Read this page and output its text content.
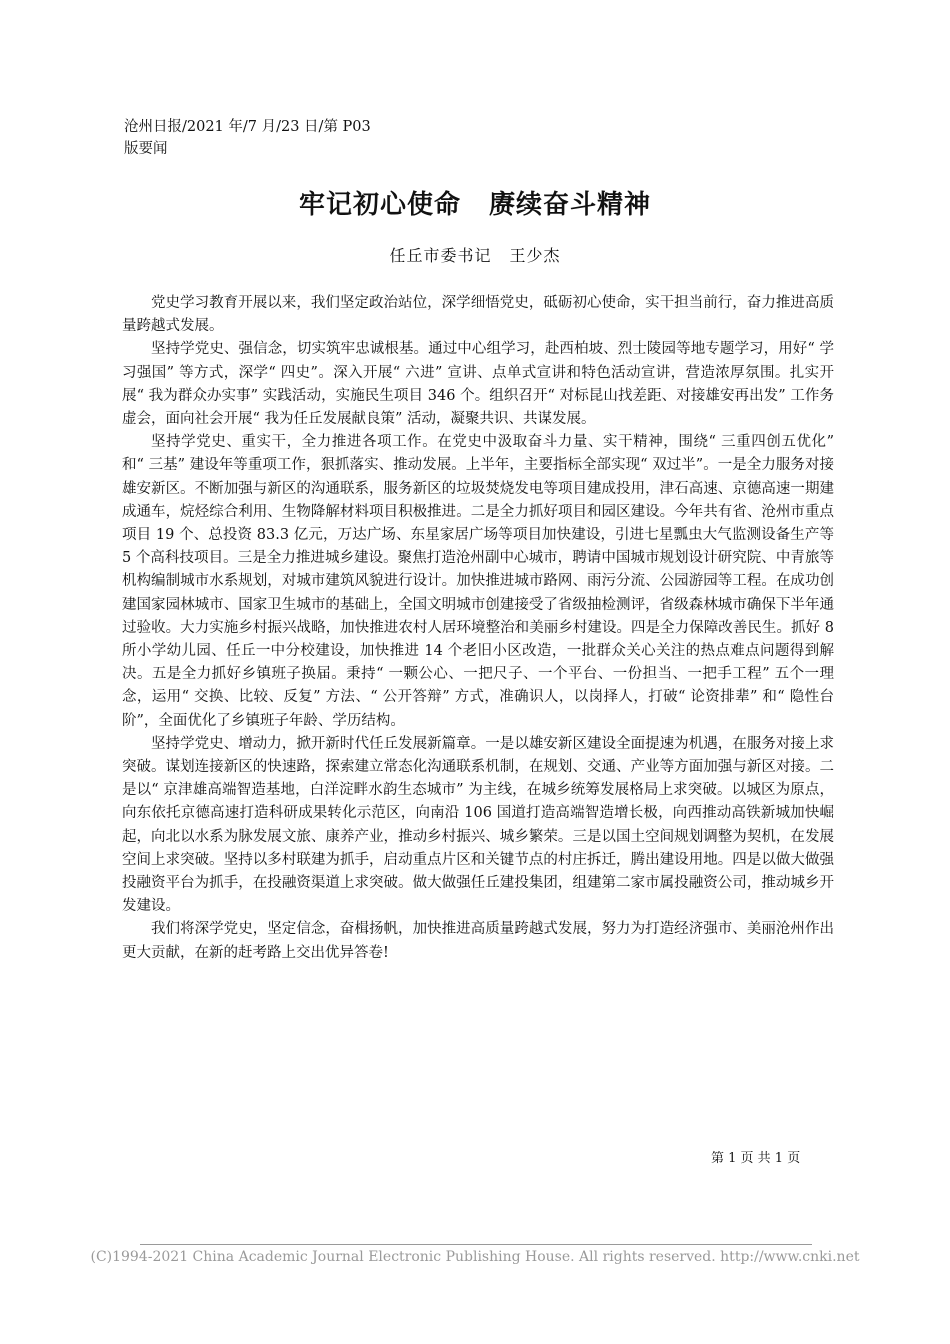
沧州日报/2021 年/7 月/23 日/第 P03
版要闻
牢记初心使命 赓续奋斗精神
任丘市委书记 王少杰

党史学习教育开展以来，我们坚定政治站位，深学细悟党史，砥砺初心使命，实干担当前行，奋力推进高质量跨越式发展。

坚持学党史、强信念，切实筑牢忠诚根基。通过中心组学习，赴西柏坡、烈士陵园等地专题学习，用好“ 学习强国” 等方式，深学“ 四史”。深入开展“ 六进” 宣讲、点单式宣讲和特色活动宣讲，营造浓厚氛围。扎实开展“ 我为群众办实事” 实践活动，实施民生项目 346 个。组织召开“ 对标昆山找差距、对接雄安再出发” 工作务虚会，面向社会开展“ 我为任丘发展献良策” 活动，凝聚共识、共谋发展。

坚持学党史、重实干，全力推进各项工作。在党史中汲取奋斗力量、实干精神，围绕“ 三重四创五优化” 和“ 三基” 建设年等重项工作，狠抓落实、推动发展。上半年，主要指标全部实现“ 双过半”。一是全力服务对接雄安新区。不断加强与新区的沟通联系，服务新区的垃圾焚烧发电等项目建成投用，津石高速、京德高速一期建成通车，烷烃综合利用、生物降解材料项目积极推进。二是全力抓好项目和园区建设。今年共有省、沧州市重点项目 19 个、总投资 83.3 亿元，万达广场、东星家居广场等项目加快建设，引进七星瓢虫大气监测设备生产等 5 个高科技项目。三是全力推进城乡建设。聚焦打造沧州副中心城市，聘请中国城市规划设计研究院、中青旅等机构编制城市水系规划，对城市建筑风貌进行设计。加快推进城市路网、雨污分流、公园游园等工程。在成功创建国家园林城市、国家卫生城市的基础上，全国文明城市创建接受了省级抽检测评，省级森林城市确保下半年通过验收。大力实施乡村振兴战略，加快推进农村人居环境整治和美丽乡村建设。四是全力保障改善民生。抓好 8 所小学幼儿园、任丘一中分校建设，加快推进 14 个老旧小区改造，一批群众关心关注的热点难点问题得到解决。五是全力抓好乡镇班子换届。秉持“ 一颗公心、一把尺子、一个平台、一份担当、一把手工程” 五个一理念，运用“ 交换、比较、反复” 方法、“ 公开答辩” 方式，准确识人，以岗择人，打破“ 论资排辈” 和“ 隐性台阶”，全面优化了乡镇班子年龄、学历结构。

坚持学党史、增动力，掀开新时代任丘发展新篇章。一是以雄安新区建设全面提速为机遇，在服务对接上求突破。谋划连接新区的快速路，探索建立常态化沟通联系机制，在规划、交通、产业等方面加强与新区对接。二是以“ 京津雄高端智造基地，白洋淀畔水韵生态城市” 为主线，在城乡统筹发展格局上求突破。以城区为原点，向东依托京德高速打造科研成果转化示范区，向南沿 106 国道打造高端智造增长极，向西推动高铁新城加快崛起，向北以水系为脉发展文旅、康养产业，推动乡村振兴、城乡繁荣。三是以国土空间规划调整为契机，在发展空间上求突破。坚持以多村联建为抓手，启动重点片区和关键节点的村庄拆迁，腾出建设用地。四是以做大做强投融资平台为抓手，在投融资渠道上求突破。做大做强任丘建投集团，组建第二家市属投融资公司，推动城乡开发建设。

我们将深学党史，坚定信念，奋楫扬帆，加快推进高质量跨越式发展，努力为打造经济强市、美丽沧州作出更大贡献，在新的赶考路上交出优异答卷!

第 1 页 共 1 页
(C)1994-2021 China Academic Journal Electronic Publishing House. All rights reserved. http://www.cnki.net
